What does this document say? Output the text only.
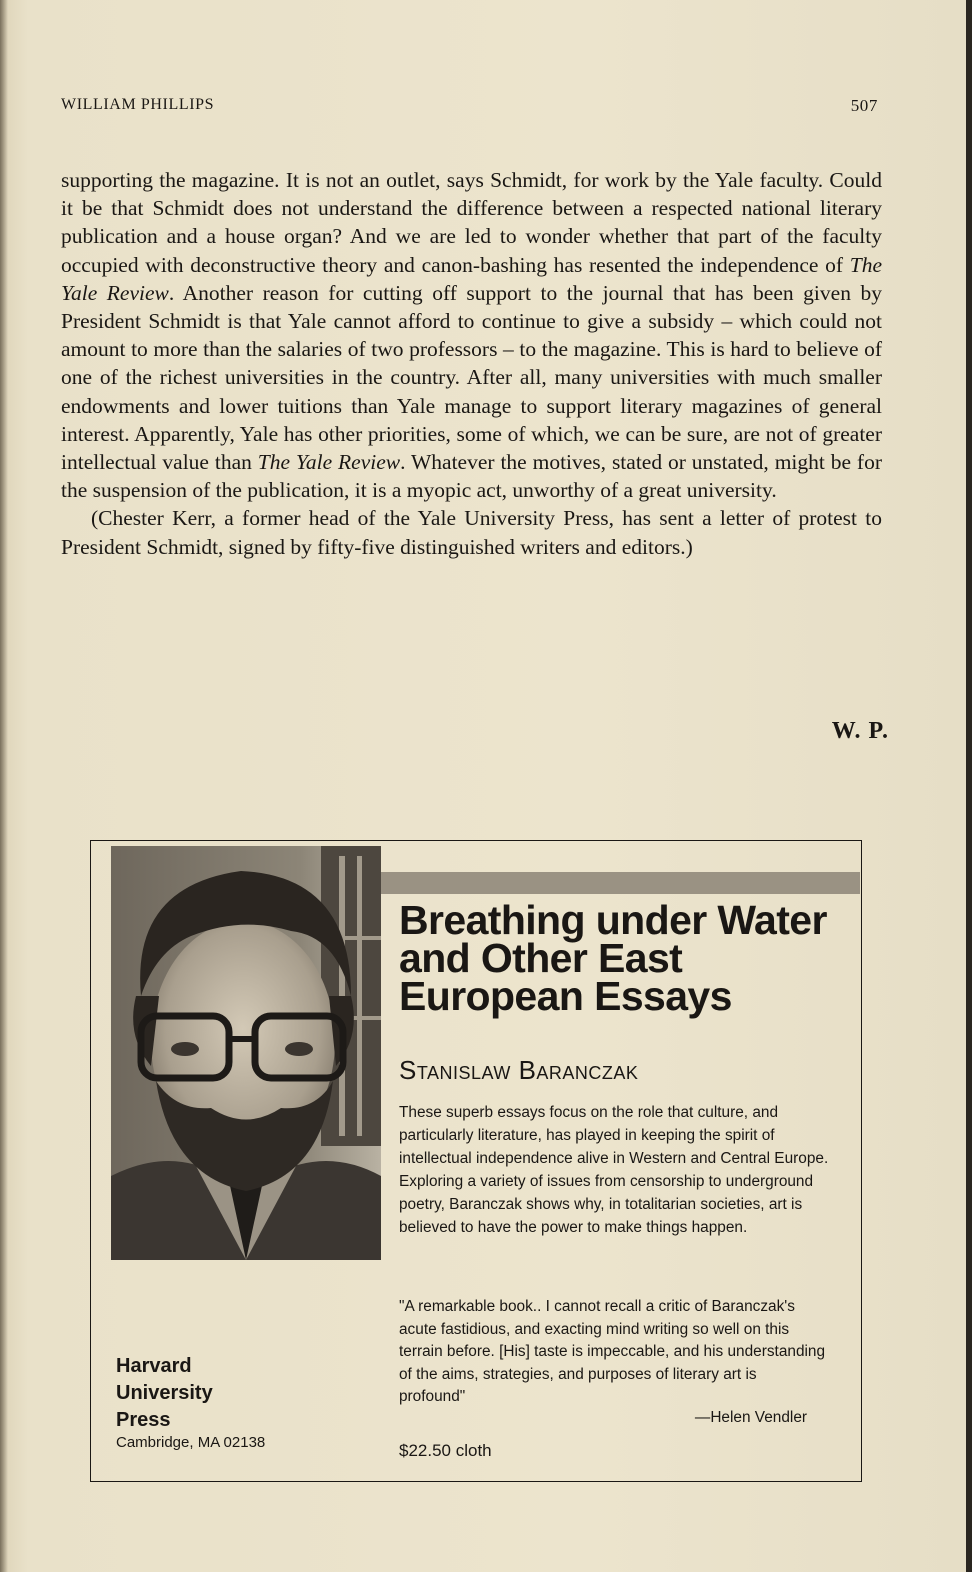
WILLIAM PHILLIPS	507

supporting the magazine. It is not an outlet, says Schmidt, for work by the Yale faculty. Could it be that Schmidt does not understand the difference between a respected national literary publication and a house organ? And we are led to wonder whether that part of the faculty occupied with deconstructive theory and canon-bashing has resented the independence of The Yale Review. Another reason for cutting off support to the journal that has been given by President Schmidt is that Yale cannot afford to continue to give a subsidy – which could not amount to more than the salaries of two professors – to the magazine. This is hard to believe of one of the richest universities in the country. After all, many universities with much smaller endowments and lower tuitions than Yale manage to support literary magazines of general interest. Apparently, Yale has other priorities, some of which, we can be sure, are not of greater intellectual value than The Yale Review. Whatever the motives, stated or unstated, might be for the suspension of the publication, it is a myopic act, unworthy of a great university.

(Chester Kerr, a former head of the Yale University Press, has sent a letter of protest to President Schmidt, signed by fifty-five distinguished writers and editors.)

W. P.
Breathing under Water
and Other East
European Essays
Stanislaw Baranczak
These superb essays focus on the role that culture, and particularly literature, has played in keeping the spirit of intellectual independence alive in Western and Central Europe. Exploring a variety of issues from censorship to underground poetry, Baranczak shows why, in totalitarian societies, art is believed to have the power to make things happen.
"A remarkable book.. I cannot recall a critic of Baranczak's acute fastidious, and exacting mind writing so well on this terrain before. [His] taste is impeccable, and his understanding of the aims, strategies, and purposes of literary art is profound"
—Helen Vendler
$22.50 cloth
Harvard
University
Press
Cambridge, MA 02138
